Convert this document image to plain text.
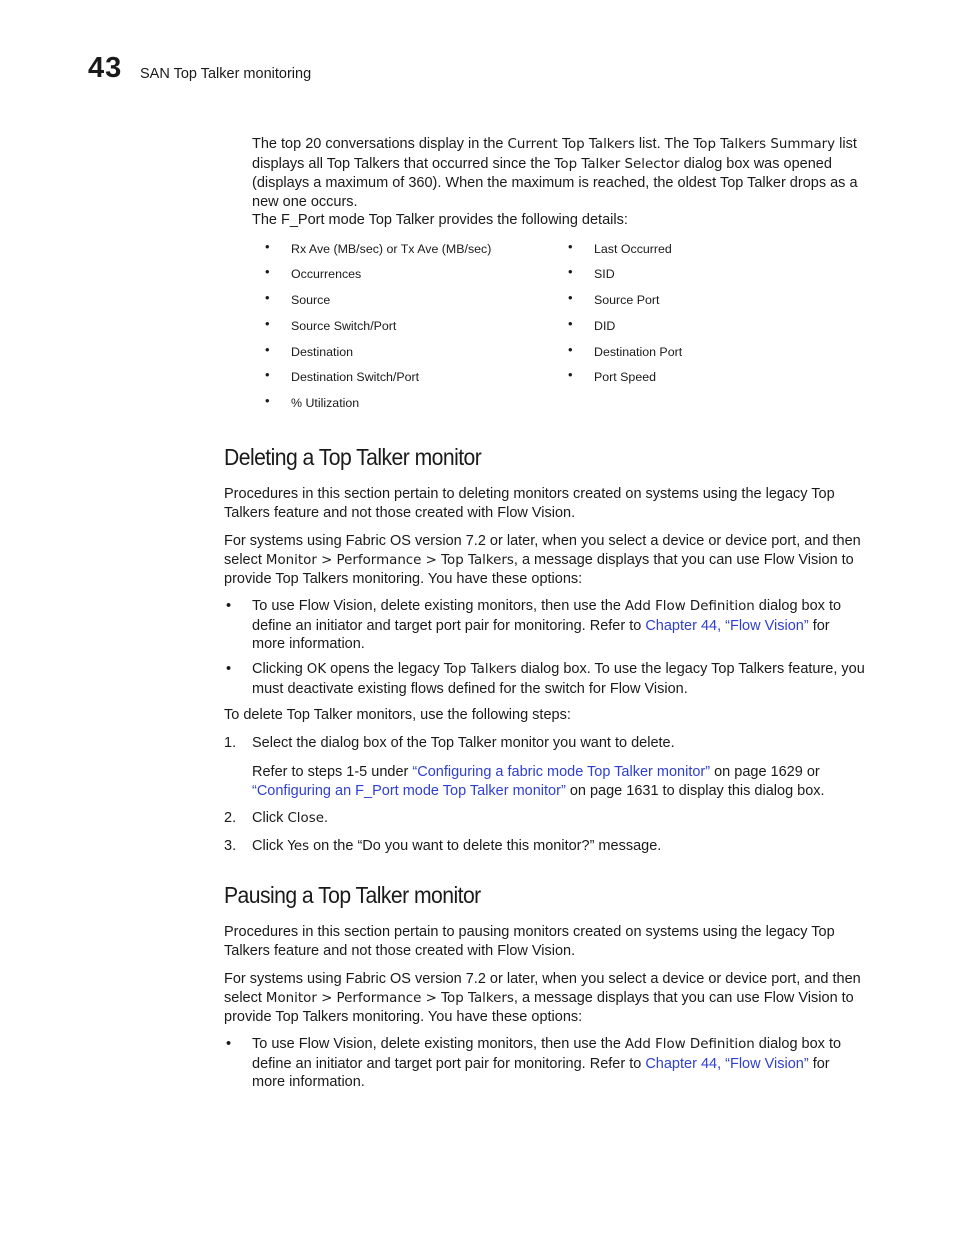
43 SAN Top Talker monitoring
The top 20 conversations display in the Current Top Talkers list. The Top Talkers Summary list
displays all Top Talkers that occurred since the Top Talker Selector dialog box was opened
(displays a maximum of 360). When the maximum is reached, the oldest Top Talker drops as a
new one occurs.
The F_Port mode Top Talker provides the following details:
• Rx Ave (MB/sec) or Tx Ave (MB/sec)
• Occurrences
• Source
• Source Switch/Port
• Destination
• Destination Switch/Port
• % Utilization
• Last Occurred
• SID
• Source Port
• DID
• Destination Port
• Port Speed
Deleting a Top Talker monitor
Procedures in this section pertain to deleting monitors created on systems using the legacy Top
Talkers feature and not those created with Flow Vision.
For systems using Fabric OS version 7.2 or later, when you select a device or device port, and then
select Monitor > Performance > Top Talkers, a message displays that you can use Flow Vision to
provide Top Talkers monitoring. You have these options:
• To use Flow Vision, delete existing monitors, then use the Add Flow Definition dialog box to
define an initiator and target port pair for monitoring. Refer to Chapter 44, “Flow Vision” for
more information.
• Clicking OK opens the legacy Top Talkers dialog box. To use the legacy Top Talkers feature, you
must deactivate existing flows defined for the switch for Flow Vision.
To delete Top Talker monitors, use the following steps:
1. Select the dialog box of the Top Talker monitor you want to delete.
Refer to steps 1-5 under “Configuring a fabric mode Top Talker monitor” on page 1629 or
“Configuring an F_Port mode Top Talker monitor” on page 1631 to display this dialog box.
2. Click Close.
3. Click Yes on the “Do you want to delete this monitor?” message.
Pausing a Top Talker monitor
Procedures in this section pertain to pausing monitors created on systems using the legacy Top
Talkers feature and not those created with Flow Vision.
For systems using Fabric OS version 7.2 or later, when you select a device or device port, and then
select Monitor > Performance > Top Talkers, a message displays that you can use Flow Vision to
provide Top Talkers monitoring. You have these options:
• To use Flow Vision, delete existing monitors, then use the Add Flow Definition dialog box to
define an initiator and target port pair for monitoring. Refer to Chapter 44, “Flow Vision” for
more information.
